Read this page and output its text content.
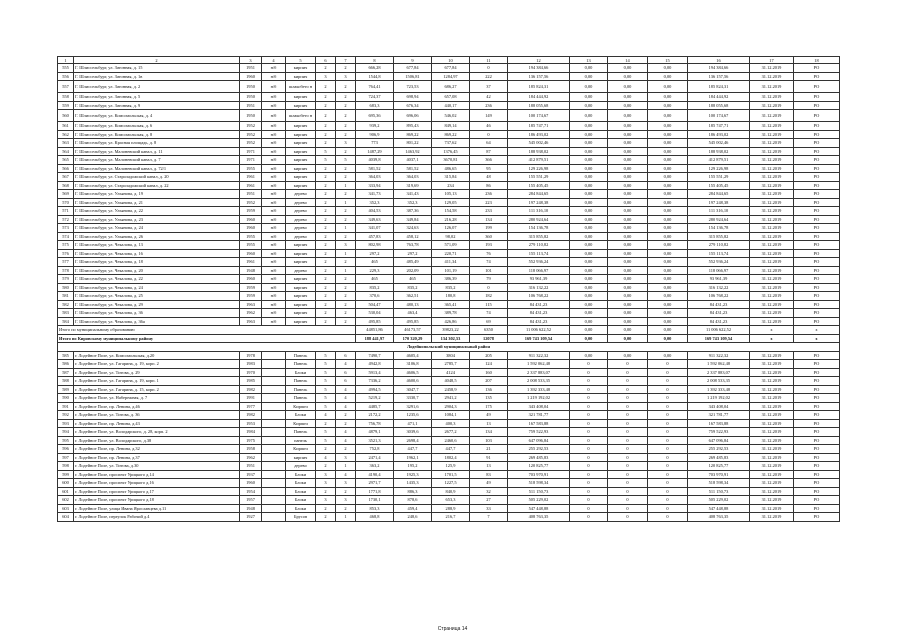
1	2	3	4	5	6	7	8	9	10	11	12	13	14	15	16	17	18
555	Г. Шлиссельбург, ул. Затонная, д. 15	1951	н/б	кирпич	2	2	666,28	677,84	677,84	0	194 384,66	0,00	0,00	0,00	194 384,66	31.12.2019	РО
556	Г. Шлиссельбург, ул. Затонная, д. 1в	1960	н/б	кирпич	3	3	1544,8	1506,81	1284,97	222	136 157,56	0,00	0,00	0,00	136 157,56	31.12.2019	РО
557	Г. Шлиссельбург, ул. Затонная, д. 2	1950	н/б	шлакобето н	2	2	764,41	723,53	686,27	37	185 824,31	0,00	0,00	0,00	185 824,31	31.12.2019	РО
558	Г. Шлиссельбург, ул. Затонная, д. 5	1950	н/б	кирпич	2	2	724,37	698,94	657,08	42	184 444,92	0,00	0,00	0,00	184 444,92	31.12.2019	РО
559	Г. Шлиссельбург, ул. Затонная, д. 9	1951	н/б	кирпич	2	2	683,3	676,34	440,17	236	188 055,68	0,00	0,00	0,00	188 055,68	31.12.2019	РО
560	Г. Шлиссельбург, ул. Комсомольская, д. 4	1950	н/б	шлакобето н	2	2	695,36	696,06	546,02	149	100 174,67	0,00	0,00	0,00	100 174,67	31.12.2019	РО
561	Г. Шлиссельбург, ул. Комсомольская, д. 6	1952	н/б	кирпич	2	2	939,2	895,43	849,14	46	185 747,71	0,00	0,00	0,00	185 747,71	31.12.2019	РО
562	Г. Шлиссельбург, ул. Комсомольская, д. 8	1952	н/б	кирпич	2	2	906,9	869,22	869,22	0	186 493,02	0,00	0,00	0,00	186 493,02	31.12.2019	РО
563	Г. Шлиссельбург, ул. Красная площадь, д. 8	1952	н/б	кирпич	2	3	773	801,22	737,62	64	545 002,46	0,00	0,00	0,00	545 002,46	31.12.2019	РО
564	Г. Шлиссельбург, ул. Малоневский канал, д. 11	1971	н/б	кирпич	5	2	1487,29	1463,92	1376,45	87	188 938,02	0,00	0,00	0,00	188 938,02	31.12.2019	РО
565	Г. Шлиссельбург, ул. Малоневский канал, д. 7	1971	н/б	кирпич	5	5	4039,8	4037,1	3670,81	366	412 879,51	0,00	0,00	0,00	412 879,51	31.12.2019	РО
566	Г. Шлиссельбург, ул. Малоневский канал, д. 72/1	1955	н/б	кирпич	2	2	581,52	581,52	486,65	95	129 226,98	0,00	0,00	0,00	129 226,98	31.12.2019	РО
567	Г. Шлиссельбург, ул. Староладожский канал, д. 20	1961	н/б	кирпич	2	2	364,03	364,03	315,84	48	155 551,29	0,00	0,00	0,00	155 551,29	31.12.2019	РО
568	Г. Шлиссельбург, ул. Староладожский канал, д. 22	1961	н/б	кирпич	2	1	333,94	319,69	234	86	155 405,45	0,00	0,00	0,00	155 405,45	31.12.2019	РО
569	Г. Шлиссельбург, ул. Ульянова, д. 19	1951	н/б	дерево	2	2	341,73	341,43	105,13	236	284 844,65	0,00	0,00	0,00	284 844,65	31.12.2019	РО
570	Г. Шлиссельбург, ул. Ульянова, д. 21	1952	н/б	дерево	2	1	352,3	352,3	129,05	223	197 248,38	0,00	0,00	0,00	197 248,38	31.12.2019	РО
571	Г. Шлиссельбург, ул. Ульянова, д. 22	1959	н/б	дерево	2	2	404,53	387,36	154,58	233	111 316,10	0,00	0,00	0,00	111 316,10	31.12.2019	РО
572	Г. Шлиссельбург, ул. Ульянова, д. 23	1960	н/б	дерево	2	2	349,63	349,84	216,28	134	280 924,64	0,00	0,00	0,00	280 924,64	31.12.2019	РО
573	Г. Шлиссельбург, ул. Ульянова, д. 24	1960	н/б	дерево	2	1	341,07	324,63	126,07	199	154 136,78	0,00	0,00	0,00	154 136,78	31.12.2019	РО
574	Г. Шлиссельбург, ул. Ульянова, д. 26	1955	н/б	дерево	2	2	457,83	458,12	98,02	360	315 855,82	0,00	0,00	0,00	315 855,82	31.12.2019	РО
575	Г. Шлиссельбург, ул. Чекалова, д. 13	1955	н/б	кирпич	2	3	802,98	763,78	571,09	193	279 110,82	0,00	0,00	0,00	279 110,82	31.12.2019	РО
576	Г. Шлиссельбург, ул. Чекалова, д. 16	1960	н/б	кирпич	2	1	297,2	297,2	220,71	76	155 113,74	0,00	0,00	0,00	155 113,74	31.12.2019	РО
577	Г. Шлиссельбург, ул. Чекалова, д. 18	1961	н/б	кирпич	2	2	465	485,49	411,34	74	552 936,24	0,00	0,00	0,00	552 936,24	31.12.2019	РО
578	Г. Шлиссельбург, ул. Чекалова, д. 20	1948	н/б	дерево	2	1	229,3	202,09	101,19	101	118 066,97	0,00	0,00	0,00	118 066,97	31.12.2019	РО
579	Г. Шлиссельбург, ул. Чекалова, д. 22	1960	н/б	кирпич	2	2	465	465	386,39	79	93 961,39	0,00	0,00	0,00	93 961,39	31.12.2019	РО
580	Г. Шлиссельбург, ул. Чекалова, д. 24	1959	н/б	кирпич	2	2	835,2	835,2	835,2	0	316 132,22	0,00	0,00	0,00	316 132,22	31.12.2019	РО
581	Г. Шлиссельбург, ул. Чекалова, д. 25	1959	н/б	кирпич	2	2	370,6	362,51	180,8	182	106 768,22	0,00	0,00	0,00	106 768,22	31.12.2019	РО
582	Г. Шлиссельбург, ул. Чекалова, д. 29	1963	н/б	кирпич	2	2	504,47	480,13	365,41	115	84 431,23	0,00	0,00	0,00	84 431,23	31.12.2019	РО
583	Г. Шлиссельбург, ул. Чекалова, д. 36	1962	н/б	кирпич	2	2	530,04	463,4	389,78	74	84 431,23	0,00	0,00	0,00	84 431,23	31.12.2019	РО
584	Г. Шлиссельбург, ул. Чекалова, д. 36а	1963	н/б	кирпич	2	2	495,85	495,85	426,86	69	84 431,23	0,00	0,00	0,00	84 431,23	31.12.2019	РО
Итого по муниципальному образованию							44851,86	46173,57	39823,22	6350	11 006 622,52	0,00	0,00	0,00	11 006 622,52	х	х
Итого по Кировскому муниципальному району							188 441,97	170 320,29	134 302,53	12078	169 743 109,54	0,00	0,00	0,00	169 743 109,54	х	х
Лодейнопольский муниципальный район																	
585	г. Лодейное Поле, ул. Комсомольская, д.20	1978		Панель	5	6	7490,7	4605,4	3804	205	911 322,32	0,00	0,00	0,00	911 322,32	31.12.2019	РО
586	г. Лодейное Поле, ул. Гагарина, д. 19, корп. 2	1983		Панель	5	4	4942,8	3106,8	2785,7	124	1 592 062,48	0	0	0	1 592 062,48	31.12.2019	РО
587	г. Лодейное Поле, ул. Титова, д. 29	1970		Блоки	5	6	5913,4	4606,5	4124	160	2 337 883,07	0	0	0	2 337 883,07	31.12.2019	РО
588	г. Лодейное Поле, ул. Гагарина, д. 19, корп. 1	1985		Панель	5	6	7336,2	4600,6	4048,5	207	2 008 533,35	0	0	0	2 008 533,35	31.12.2019	РО
589	г. Лодейное Поле, ул. Гагарина, д. 15, корп. 2	1982		Панель	5	4	4994,5	3047,7	2458,9	136	1 392 333,48	0	0	0	1 392 333,48	31.12.2019	РО
590	г. Лодейное Поле, ул. Набережная, д. 7	1991		Панель	5	4	5219,2	3330,7	2941,2	135	1 219 192,02	0	0	0	1 219 192,02	31.12.2019	РО
591	г. Лодейное Поле, пр. Ленина, д.46	1977		Кирпич	5	4	4485,7	3291,6	2904,3	175	343 408,04	0	0	0	343 408,04	31.12.2019	РО
592	г. Лодейное Поле, ул. Титова, д. 36	1982		Блоки	4	2	2172,2	1235,6	1084,1	49	321 781,77	0	0	0	321 781,77	31.12.2019	РО
593	г. Лодейное Поле, пр. Ленина, д.43	1953		Кирпич	2	2	756,78	471,1	400,3	13	167 583,88	0	0	0	167 583,88	31.12.2019	РО
594	г. Лодейное Поле, ул. Володарского, д. 28, корп. 2	1984		Панель	5	4	4879,1	3039,6	2677,2	134	759 522,93	0	0	0	759 522,93	31.12.2019	РО
595	г. Лодейное Поле, ул. Володарского, д.38	1975		панель	5	4	3521,3	2698,4	2460,6	103	647 096,84	0	0	0	647 096,84	31.12.2019	РО
596	г. Лодейное Поле, пр. Ленина, д.32	1958		Кирпич	2	2	752,8	447,7	447,7	21	255 292,53	0	0	0	255 292,53	31.12.2019	РО
597	г. Лодейное Поле, пр. Ленина, д.37	1962		кирпич	4	3	2471,4	1962,1	1802,4	91	269 485,83	0	0	0	269 485,83	31.12.2019	РО
598	г. Лодейное Поле, ул. Титова, д.30	1951		дерево	2	1	363,2	195,2	125,9	13	120 825,77	0	0	0	120 825,77	31.12.2019	РО
599	г. Лодейное Поле, проспект Урицкого д.14	1937		Блоки	3	4	4190,4	1925,3	1701,5	83	703 970,91	0	0	0	703 970,91	31.12.2019	РО
600	г. Лодейное Поле, проспект Урицкого д.16	1960		Блоки	3	3	2971,7	1435,3	1227,5	49	518 598,34	0	0	0	518 598,34	31.12.2019	РО
601	г. Лодейное Поле, проспект Урицкого д.17	1954		Блоки	2	2	1771,8	886,3	840,9	32	511 150,73	0	0	0	511 150,73	31.12.2019	РО
602	г. Лодейное Поле, проспект Урицкого д.18	1957		Блоки	3	3	1730,1	878,6	653,3	27	505 229,02	0	0	0	505 229,02	31.12.2019	РО
603	г. Лодейное Поле, улица Ивана Ярославцева д.11	1948		Блоки	2	2	853,3	459,4	288,9	33	547 448,88	0	0	0	547 448,88	31.12.2019	РО
604	г. Лодейное Поле, переулок Рабочий д.4	1927		Брусов	2	1	468,8	248,6	216,7	7	408 763,35	0	0	0	408 763,35	31.12.2019	РО
Страница 14
